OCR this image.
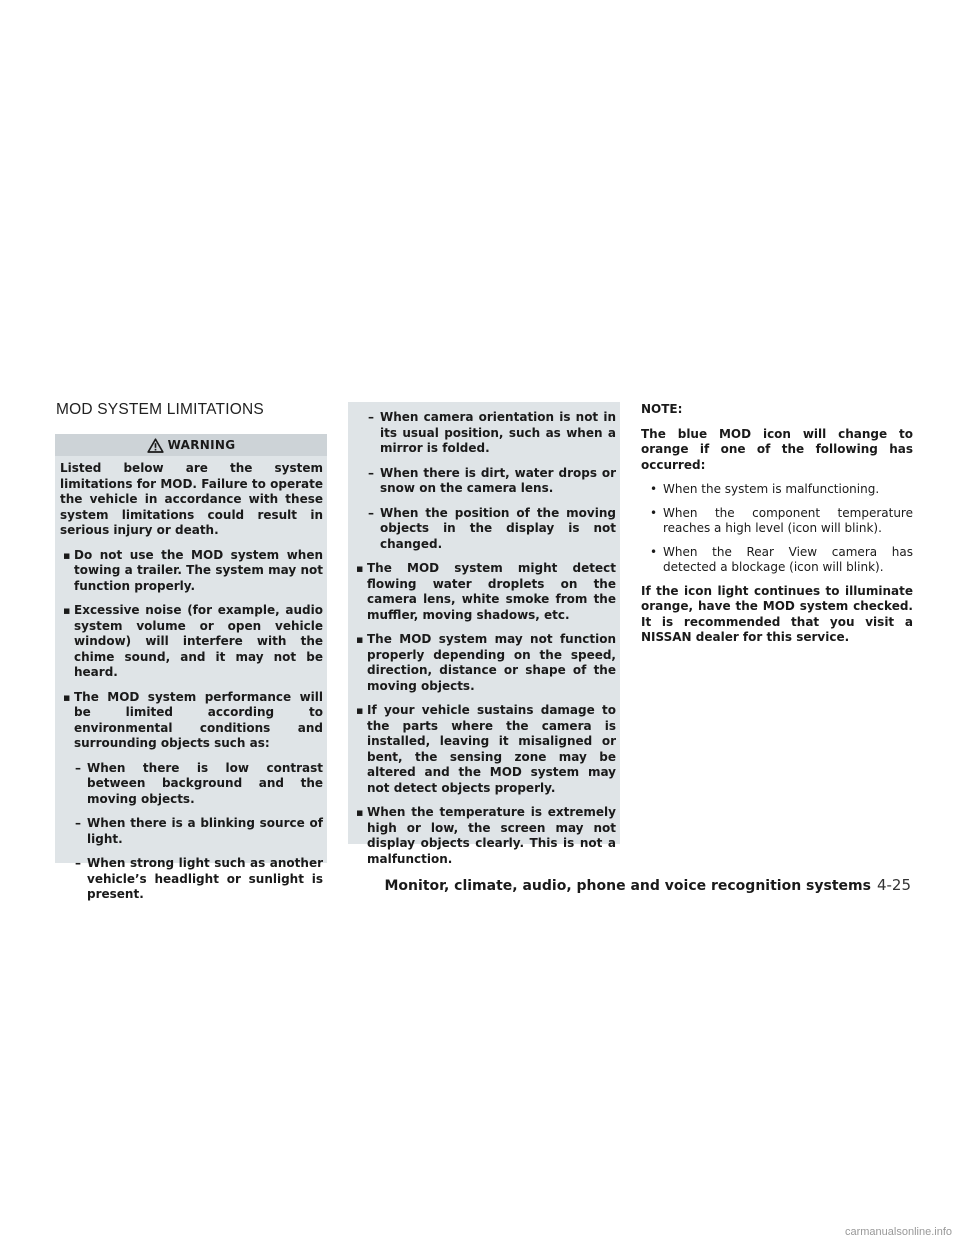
MOD SYSTEM LIMITATIONS
WARNING

Listed below are the system limitations for MOD. Failure to operate the vehicle in accordance with these system limitations could result in serious injury or death.

▪ Do not use the MOD system when towing a trailer. The system may not function properly.
▪ Excessive noise (for example, audio system volume or open vehicle window) will interfere with the chime sound, and it may not be heard.
▪ The MOD system performance will be limited according to environmental conditions and surrounding objects such as:
– When there is low contrast between background and the moving objects.
– When there is a blinking source of light.
– When strong light such as another vehicle’s headlight or sunlight is present.
– When camera orientation is not in its usual position, such as when a mirror is folded.
– When there is dirt, water drops or snow on the camera lens.
– When the position of the moving objects in the display is not changed.
▪ The MOD system might detect flowing water droplets on the camera lens, white smoke from the muffler, moving shadows, etc.
▪ The MOD system may not function properly depending on the speed, direction, distance or shape of the moving objects.
▪ If your vehicle sustains damage to the parts where the camera is installed, leaving it misaligned or bent, the sensing zone may be altered and the MOD system may not detect objects properly.
▪ When the temperature is extremely high or low, the screen may not display objects clearly. This is not a malfunction.
NOTE:
The blue MOD icon will change to orange if one of the following has occurred:
• When the system is malfunctioning.
• When the component temperature reaches a high level (icon will blink).
• When the Rear View camera has detected a blockage (icon will blink).
If the icon light continues to illuminate orange, have the MOD system checked. It is recommended that you visit a NISSAN dealer for this service.
Monitor, climate, audio, phone and voice recognition systems 4-25
carmanualsonline.info
